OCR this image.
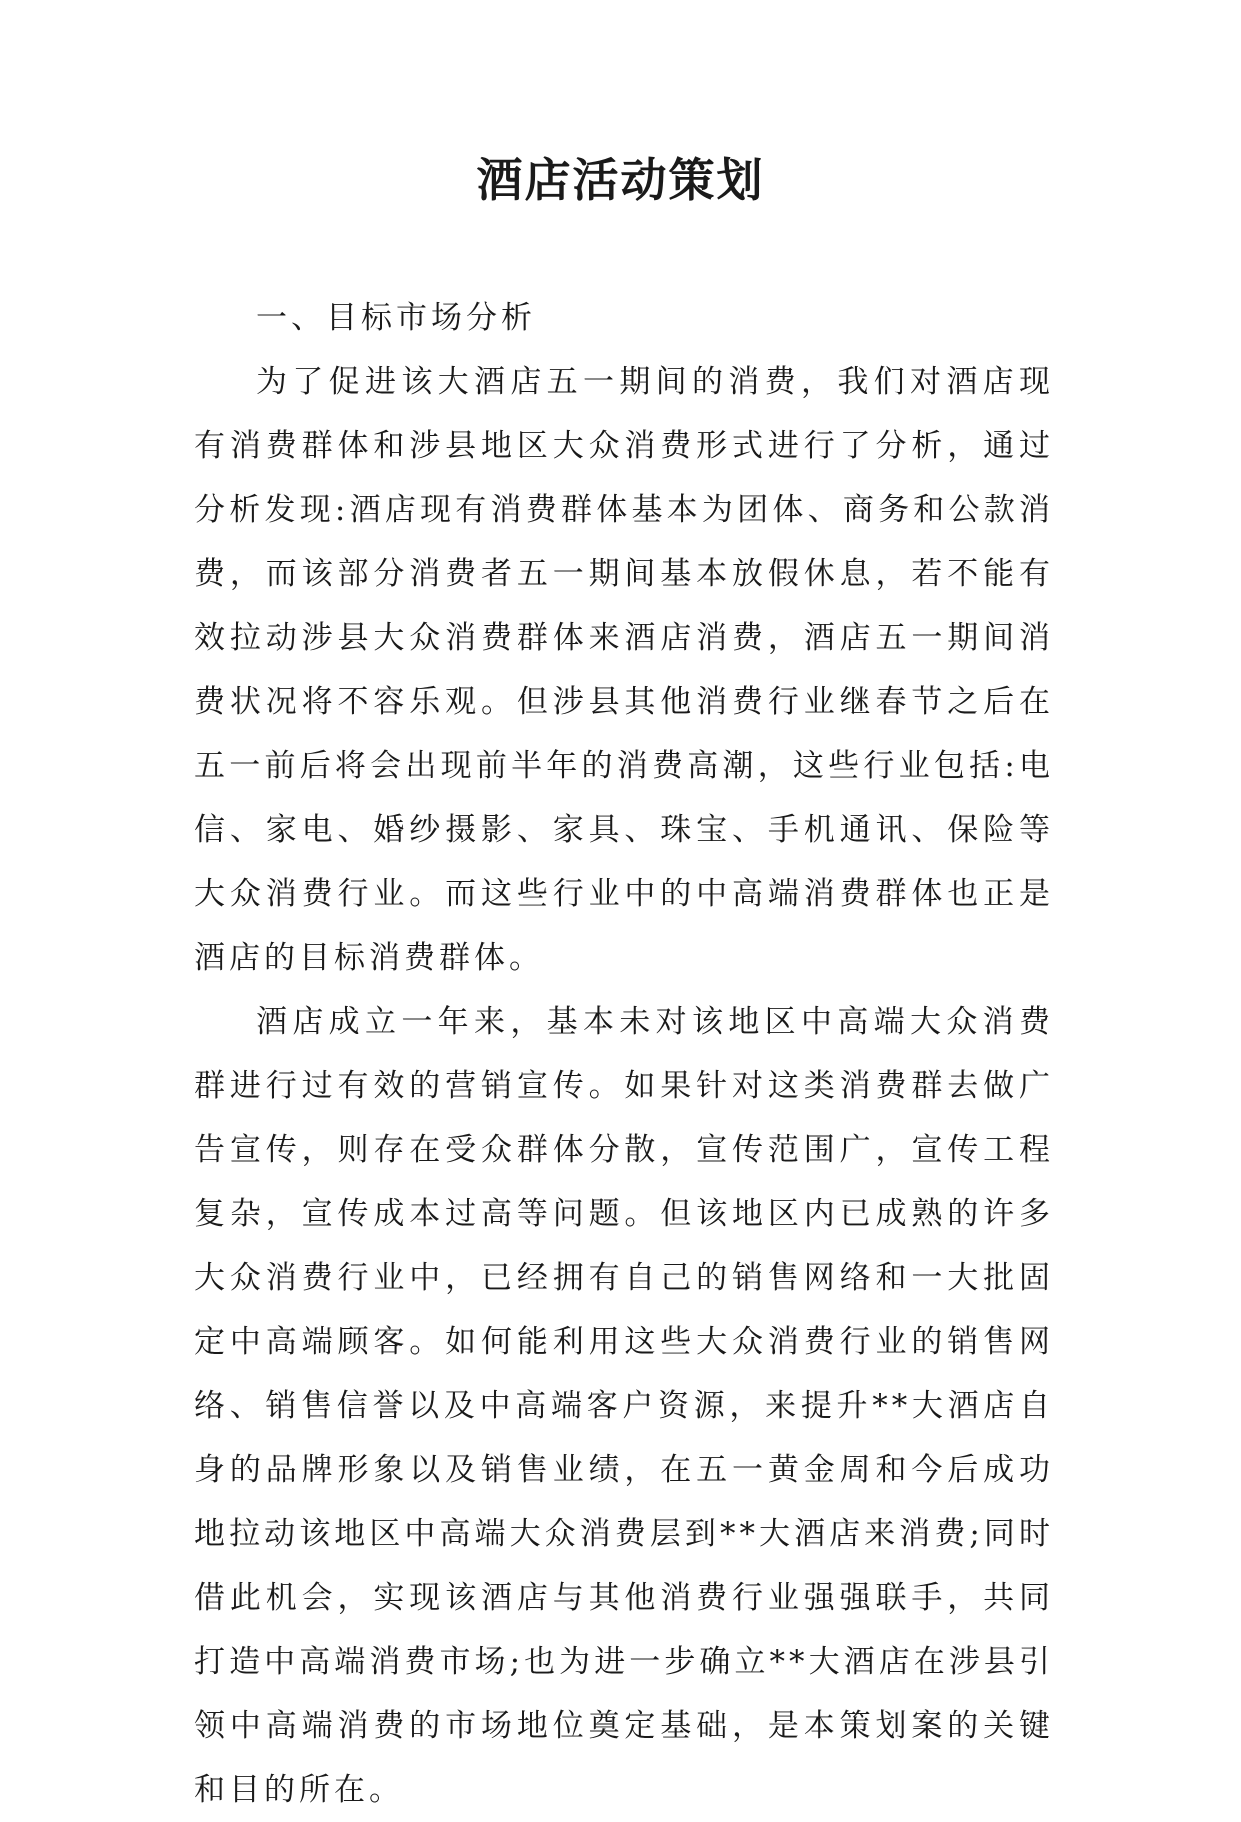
酒店活动策划
一、目标市场分析

为了促进该大酒店五一期间的消费，我们对酒店现有消费群体和涉县地区大众消费形式进行了分析，通过分析发现:酒店现有消费群体基本为团体、商务和公款消费，而该部分消费者五一期间基本放假休息，若不能有效拉动涉县大众消费群体来酒店消费，酒店五一期间消费状况将不容乐观。但涉县其他消费行业继春节之后在五一前后将会出现前半年的消费高潮，这些行业包括:电信、家电、婚纱摄影、家具、珠宝、手机通讯、保险等大众消费行业。而这些行业中的中高端消费群体也正是酒店的目标消费群体。

酒店成立一年来，基本未对该地区中高端大众消费群进行过有效的营销宣传。如果针对这类消费群去做广告宣传，则存在受众群体分散，宣传范围广，宣传工程复杂，宣传成本过高等问题。但该地区内已成熟的许多大众消费行业中，已经拥有自己的销售网络和一大批固定中高端顾客。如何能利用这些大众消费行业的销售网络、销售信誉以及中高端客户资源，来提升**大酒店自身的品牌形象以及销售业绩，在五一黄金周和今后成功地拉动该地区中高端大众消费层到**大酒店来消费;同时借此机会，实现该酒店与其他消费行业强强联手，共同打造中高端消费市场;也为进一步确立**大酒店在涉县引领中高端消费的市场地位奠定基础，是本策划案的关键和目的所在。
